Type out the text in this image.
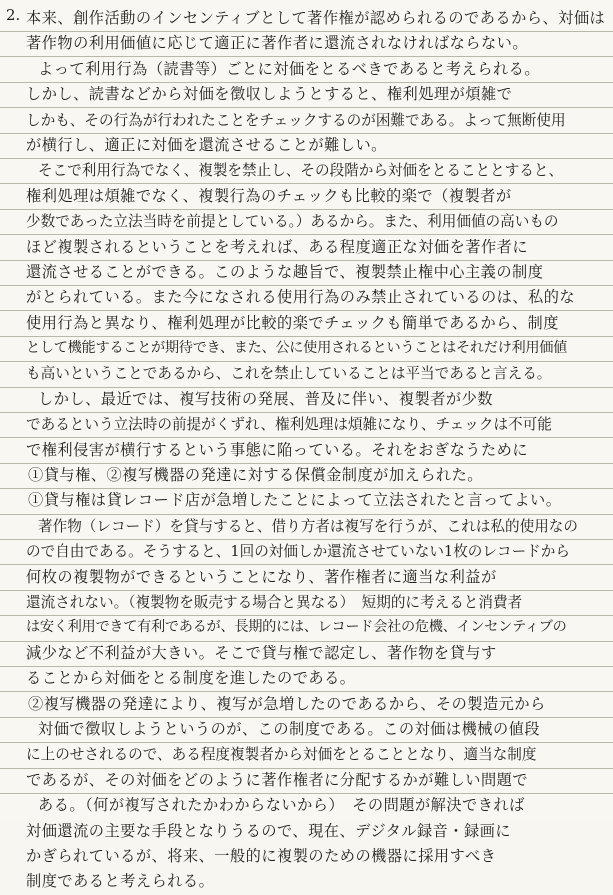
2. 本来、創作活動のインセンティブとして著作権が認められるのであるから、対価は
著作物の利用価値に応じて適正に著作者に還流されなければならない。
よって利用行為（読書等）ごとに対価をとるべきであると考えられる。
しかし、読書などから対価を徴収しようとすると、権利処理が煩雑で
しかも、その行為が行われたことをチェックするのが困難である。よって無断使用
が横行し、適正に対価を還流させることが難しい。
そこで利用行為でなく、複製を禁止し、その段階から対価をとることとすると、
権利処理は煩雑でなく、複製行為のチェックも比較的楽で（複製者が
少数であった立法当時を前提としている。）あるから。また、利用価値の高いもの
ほど複製されるということを考えれば、ある程度適正な対価を著作者に
還流させることができる。このような趣旨で、複製禁止権中心主義の制度
がとられている。また今になされる使用行為のみ禁止されているのは、私的な
使用行為と異なり、権利処理が比較的楽でチェックも簡単であるから、制度
として機能することが期待でき、また、公に使用されるということはそれだけ利用価値
も高いということであるから、これを禁止していることは平当であると言える。
しかし、最近では、複写技術の発展、普及に伴い、複製者が少数
であるという立法時の前提がくずれ、権利処理は煩雑になり、チェックは不可能
で権利侵害が横行するという事態に陥っている。それをおぎなうために
①貸与権、②複写機器の発達に対する保償金制度が加えられた。
①貸与権は貸レコード店が急増したことによって立法されたと言ってよい。
著作物（レコード）を貸与すると、借り方者は複写を行うが、これは私的使用なの
ので自由である。そうすると、1回の対価しか還流させていない1枚のレコードから
何枚の複製物ができるということになり、著作権者に適当な利益が
還流されない。（複製物を販売する場合と異なる）　短期的に考えると消費者
は安く利用できて有利であるが、長期的には、レコード会社の危機、インセンティブの
減少など不利益が大きい。そこで貸与権で認定し、著作物を貸与す
ることから対価をとる制度を進したのである。
②複写機器の発達により、複写が急増したのであるから、その製造元から
対価で徴収しようというのが、この制度である。この対価は機械の値段
に上のせされるので、ある程度複製者から対価をとることとなり、適当な制度
であるが、その対価をどのように著作権者に分配するかが難しい問題で
ある。（何が複写されたかわからないから）　その問題が解決できれば
対価還流の主要な手段となりうるので、現在、デジタル録音・録画に
かぎられているが、将来、一般的に複製のための機器に採用すべき
制度であると考えられる。
